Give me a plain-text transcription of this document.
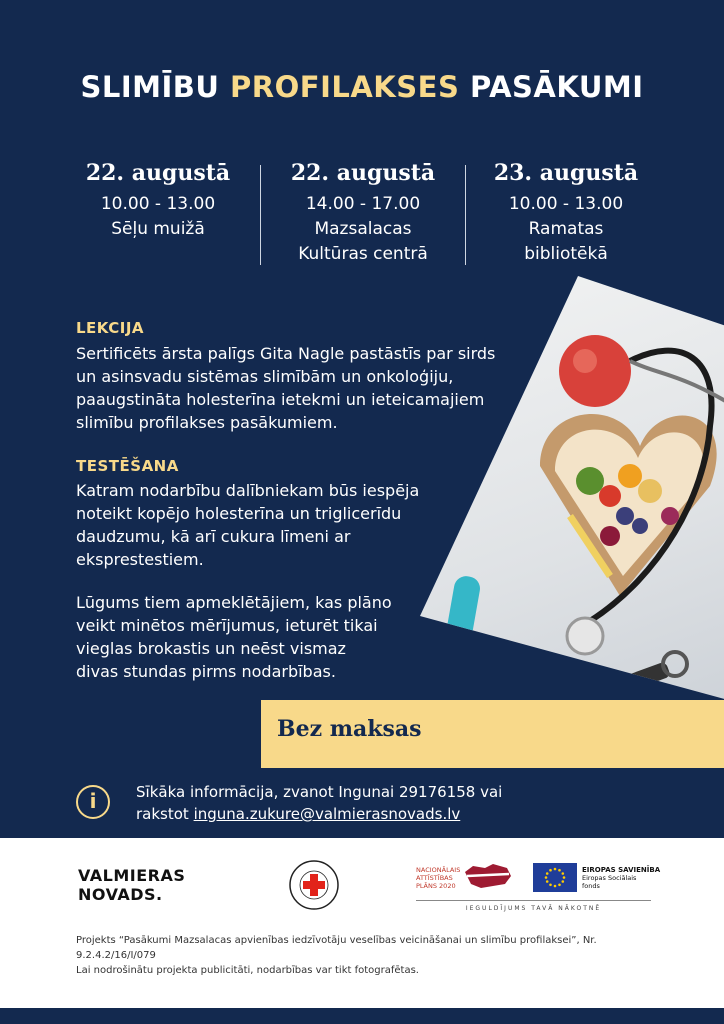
SLIMĪBU PROFILAKSES PASĀKUMI
22. augustā
10.00 - 13.00
Sēļu muižā
22. augustā
14.00 - 17.00
Mazsalacas
Kultūras centrā
23. augustā
10.00 - 13.00
Ramatas
bibliotēkā
LEKCIJA
Sertificēts ārsta palīgs Gita Nagle pastāstīs par sirds
un asinsvadu sistēmas slimībām un onkoloģiju,
paaugstināta holesterīna ietekmi un ieteicamajiem
slimību profilakses pasākumiem.
TESTĒŠANA
Katram nodarbību dalībniekam būs iespēja
noteikt kopējo holesterīna un triglicerīdu
daudzumu, kā arī cukura līmeni ar
eksprestestiem.
Lūgums tiem apmeklētājiem, kas plāno
veikt minētos mērījumus, ieturēt tikai
vieglas brokastis un neēst vismaz
divas stundas pirms nodarbības.
Bez maksas
i	Sīkāka informācija, zvanot Ingunai 29176158 vai
rakstot inguna.zukure@valmierasnovads.lv
VALMIERAS
NOVADS.
NACIONĀLAIS
ATTĪSTĪBAS
PLĀNS 2020
EIROPAS SAVIENĪBA
Eiropas Sociālais
fonds
IEGULDĪJUMS TAVĀ NĀKOTNĒ
Projekts “Pasākumi Mazsalacas apvienības iedzīvotāju veselības veicināšanai un slimību profilaksei”, Nr.
9.2.4.2/16/I/079
Lai nodrošinātu projekta publicitāti, nodarbības var tikt fotografētas.
